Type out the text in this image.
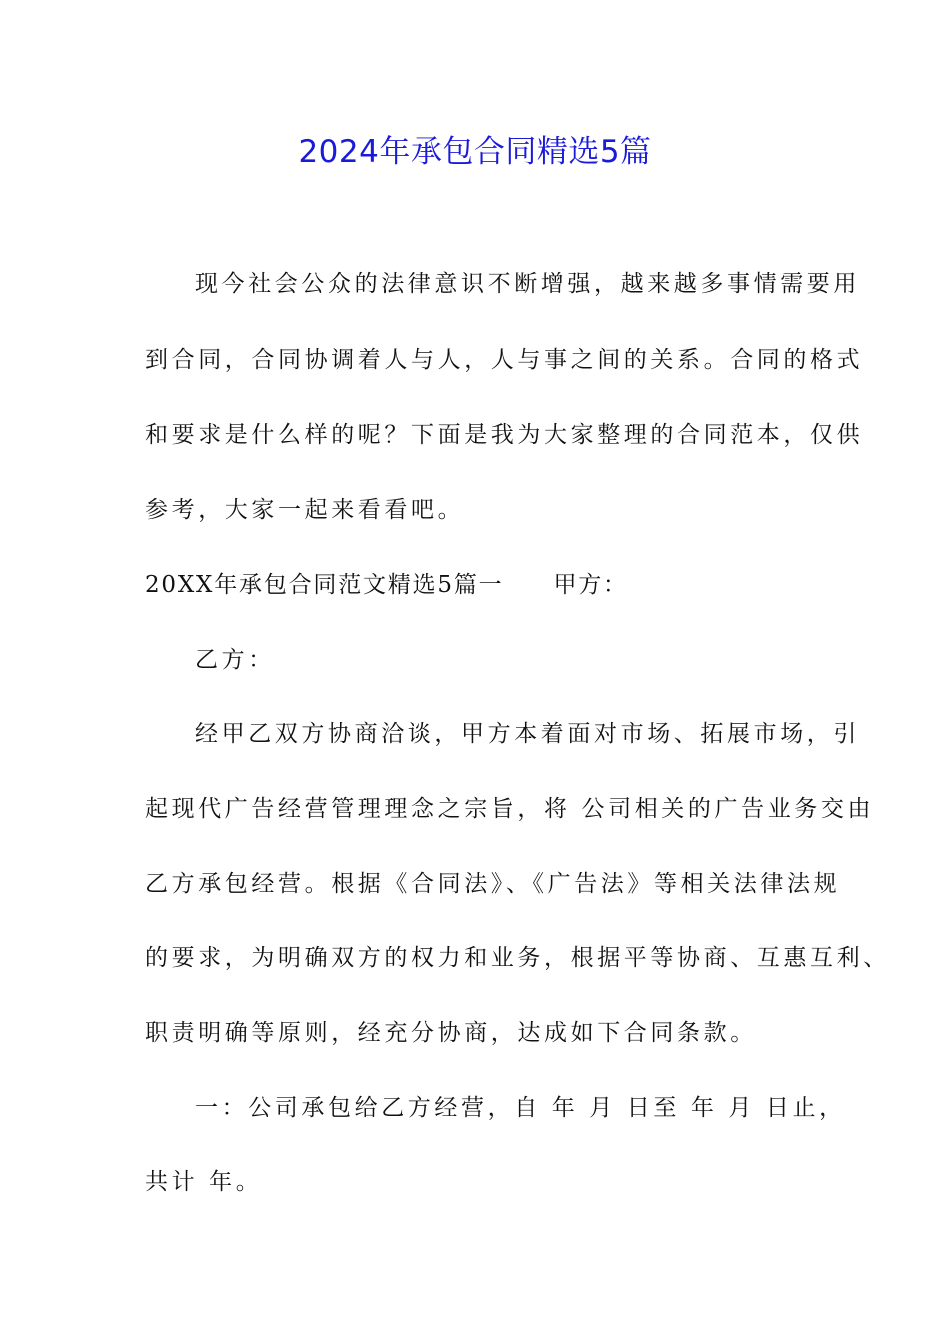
2024年承包合同精选5篇
现今社会公众的法律意识不断增强，越来越多事情需要用
到合同，合同协调着人与人，人与事之间的关系。合同的格式
和要求是什么样的呢？下面是我为大家整理的合同范本，仅供
参考，大家一起来看看吧。
20XX年承包合同范文精选5篇一 甲方：
乙方：
经甲乙双方协商洽谈，甲方本着面对市场、拓展市场，引
起现代广告经营管理理念之宗旨，将 公司相关的广告业务交由
乙方承包经营。根据《合同法》、《广告法》等相关法律法规
的要求，为明确双方的权力和业务，根据平等协商、互惠互利、
职责明确等原则，经充分协商，达成如下合同条款。
一：公司承包给乙方经营，自 年 月 日至 年 月 日止，
共计 年。
